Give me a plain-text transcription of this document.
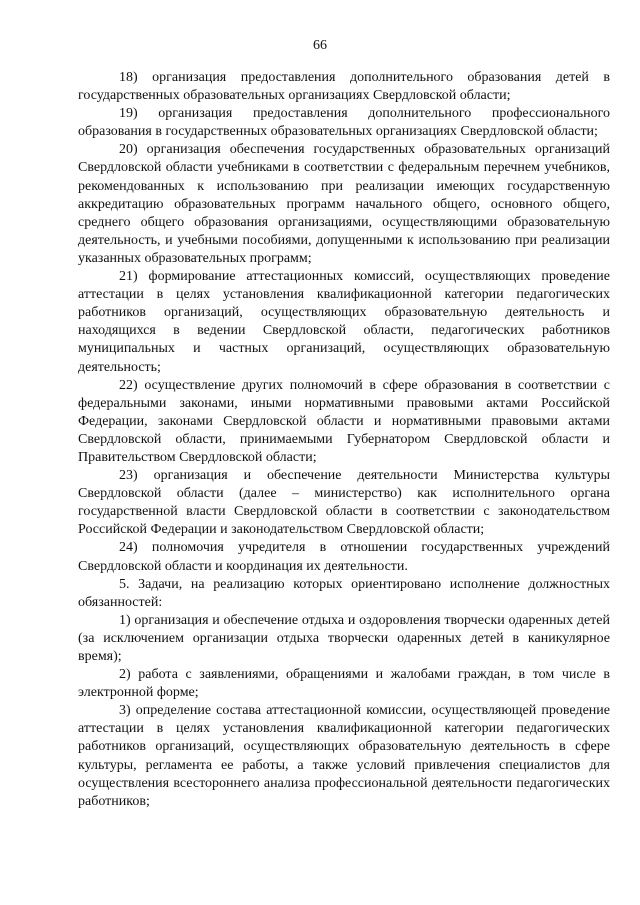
66

18) организация предоставления дополнительного образования детей в государственных образовательных организациях Свердловской области;

19) организация предоставления дополнительного профессионального образования в государственных образовательных организациях Свердловской области;

20) организация обеспечения государственных образовательных организаций Свердловской области учебниками в соответствии с федеральным перечнем учебников, рекомендованных к использованию при реализации имеющих государственную аккредитацию образовательных программ начального общего, основного общего, среднего общего образования организациями, осуществляющими образовательную деятельность, и учебными пособиями, допущенными к использованию при реализации указанных образовательных программ;

21) формирование аттестационных комиссий, осуществляющих проведение аттестации в целях установления квалификационной категории педагогических работников организаций, осуществляющих образовательную деятельность и находящихся в ведении Свердловской области, педагогических работников муниципальных и частных организаций, осуществляющих образовательную деятельность;

22) осуществление других полномочий в сфере образования в соответствии с федеральными законами, иными нормативными правовыми актами Российской Федерации, законами Свердловской области и нормативными правовыми актами Свердловской области, принимаемыми Губернатором Свердловской области и Правительством Свердловской области;

23) организация и обеспечение деятельности Министерства культуры Свердловской области (далее – министерство) как исполнительного органа государственной власти Свердловской области в соответствии с законодательством Российской Федерации и законодательством Свердловской области;

24) полномочия учредителя в отношении государственных учреждений Свердловской области и координация их деятельности.

5. Задачи, на реализацию которых ориентировано исполнение должностных обязанностей:

1) организация и обеспечение отдыха и оздоровления творчески одаренных детей (за исключением организации отдыха творчески одаренных детей в каникулярное время);

2) работа с заявлениями, обращениями и жалобами граждан, в том числе в электронной форме;

3) определение состава аттестационной комиссии, осуществляющей проведение аттестации в целях установления квалификационной категории педагогических работников организаций, осуществляющих образовательную деятельность в сфере культуры, регламента ее работы, а также условий привлечения специалистов для осуществления всестороннего анализа профессиональной деятельности педагогических работников;
